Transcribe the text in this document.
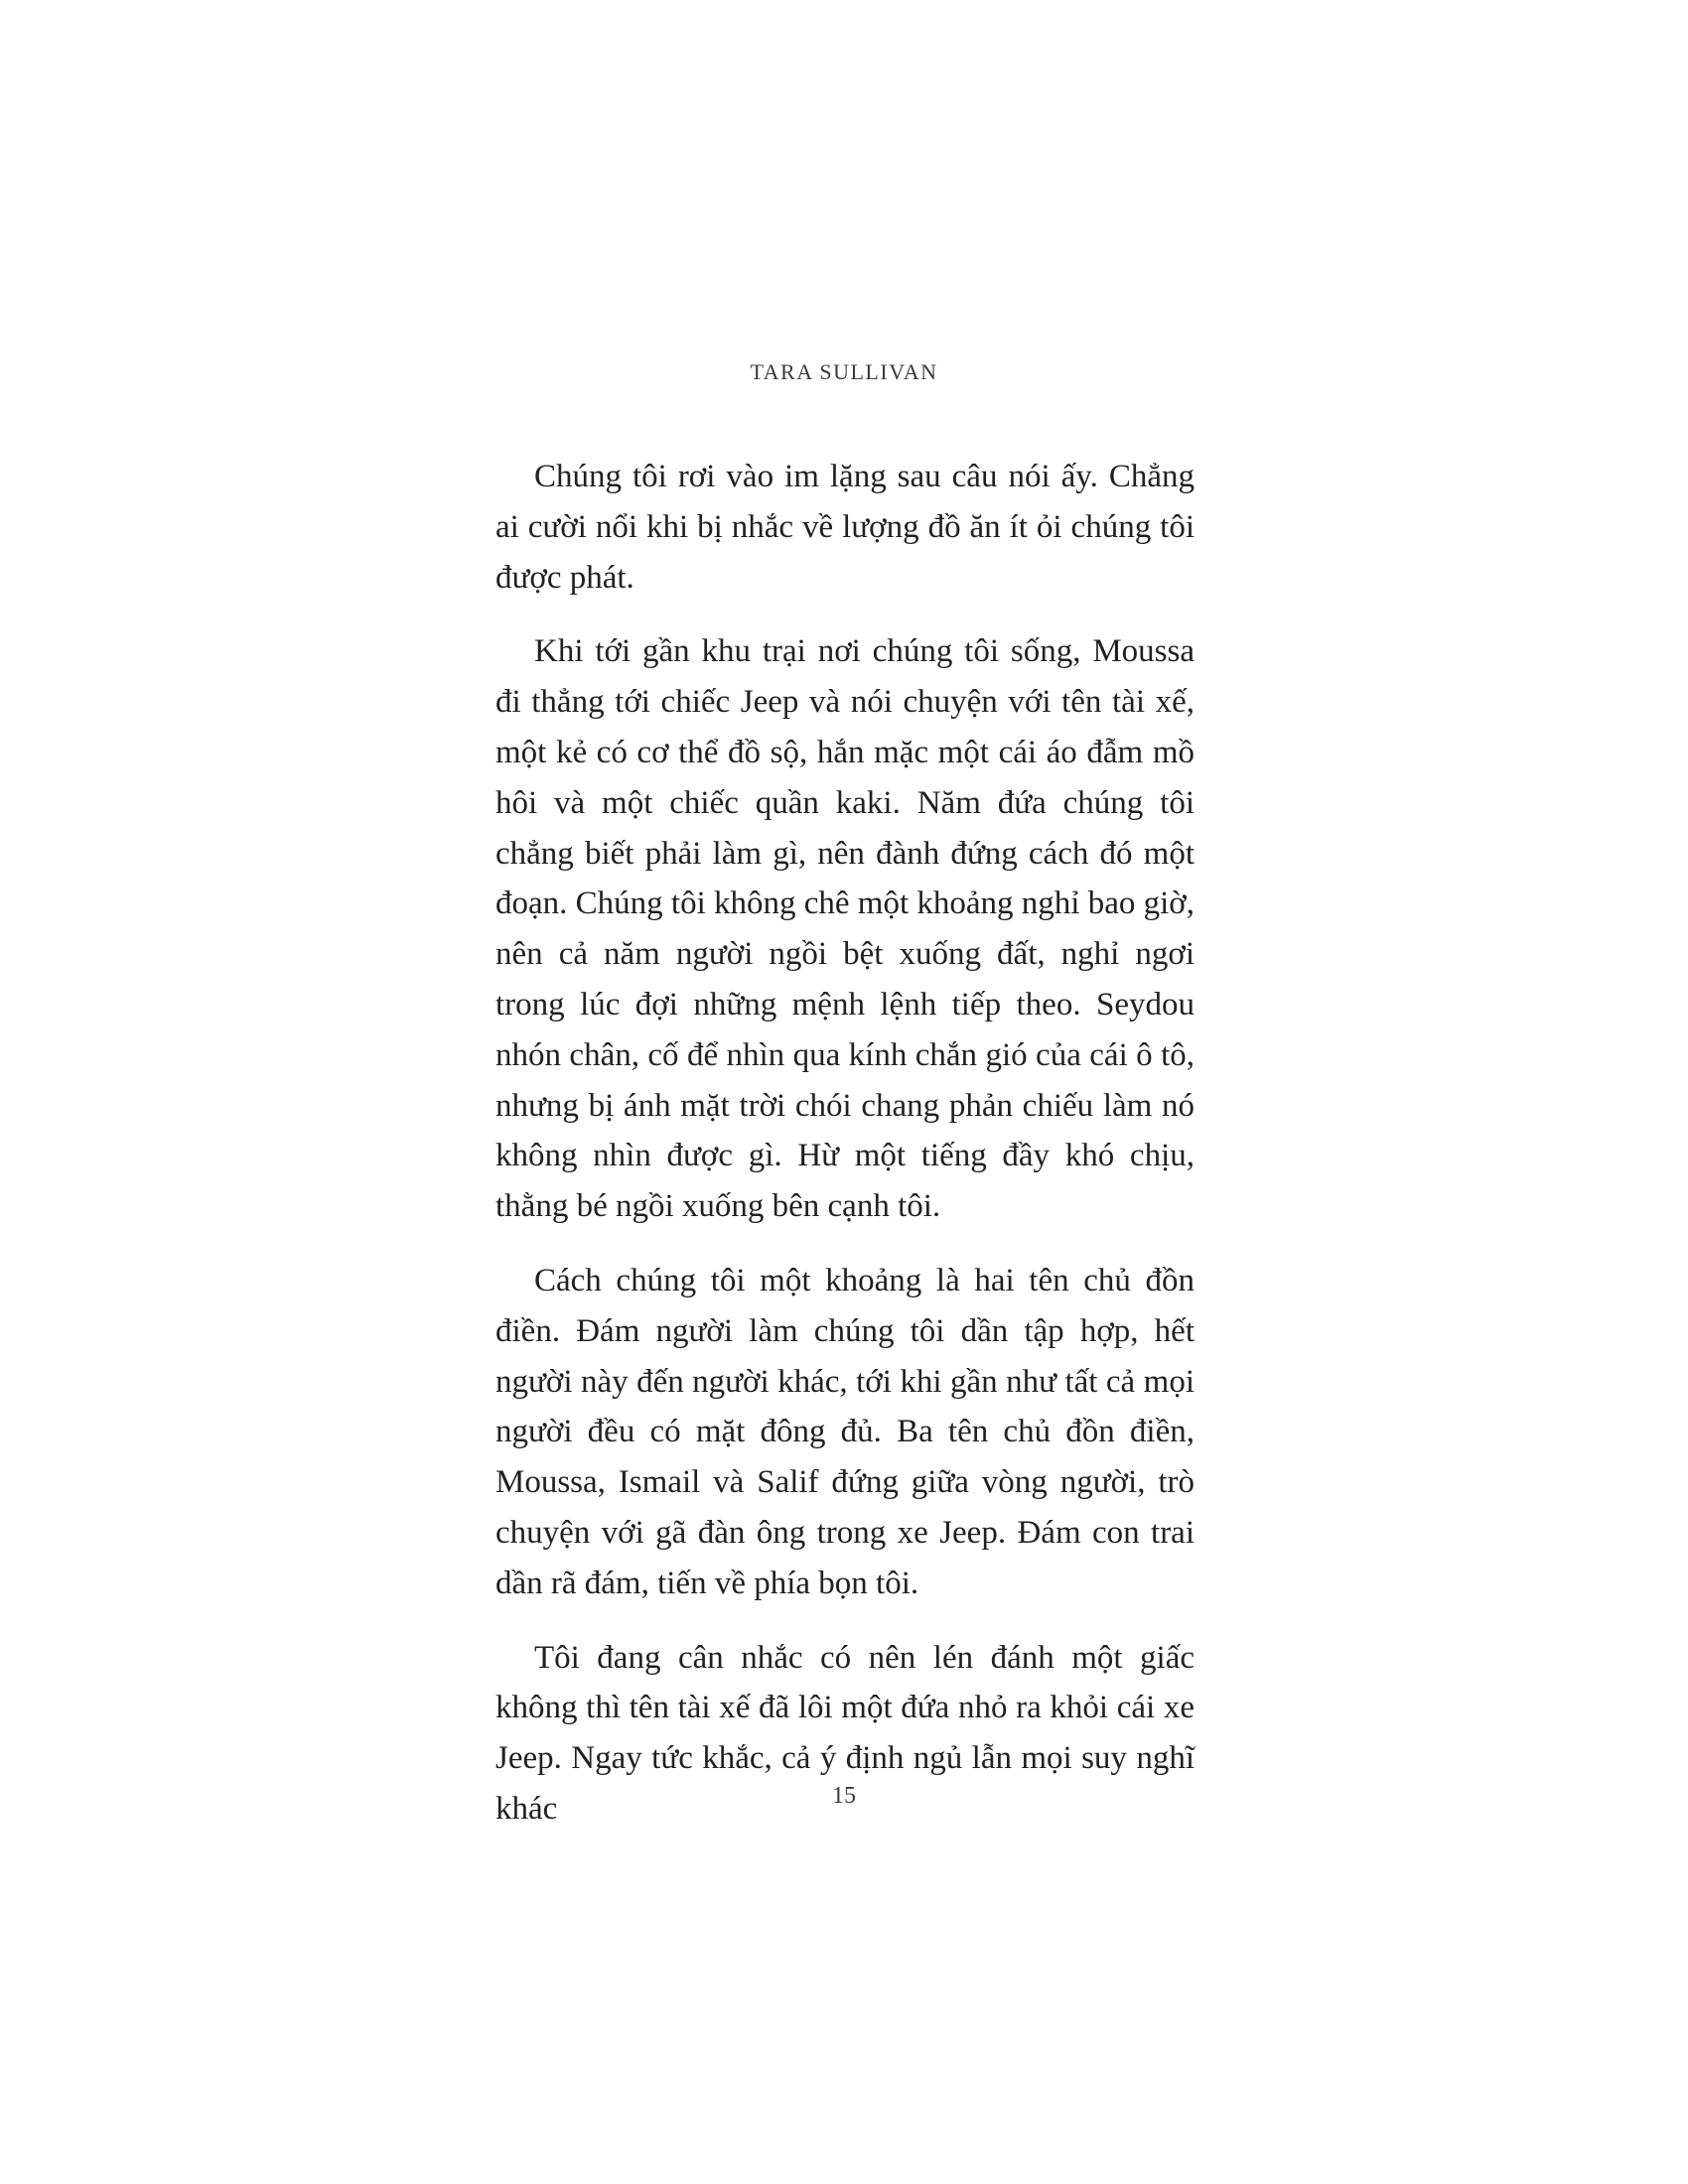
TARA SULLIVAN

Chúng tôi rơi vào im lặng sau câu nói ấy. Chẳng ai cười nổi khi bị nhắc về lượng đồ ăn ít ỏi chúng tôi được phát.

Khi tới gần khu trại nơi chúng tôi sống, Moussa đi thẳng tới chiếc Jeep và nói chuyện với tên tài xế, một kẻ có cơ thể đồ sộ, hắn mặc một cái áo đẫm mồ hôi và một chiếc quần kaki. Năm đứa chúng tôi chẳng biết phải làm gì, nên đành đứng cách đó một đoạn. Chúng tôi không chê một khoảng nghỉ bao giờ, nên cả năm người ngồi bệt xuống đất, nghỉ ngơi trong lúc đợi những mệnh lệnh tiếp theo. Seydou nhón chân, cố để nhìn qua kính chắn gió của cái ô tô, nhưng bị ánh mặt trời chói chang phản chiếu làm nó không nhìn được gì. Hừ một tiếng đầy khó chịu, thằng bé ngồi xuống bên cạnh tôi.

Cách chúng tôi một khoảng là hai tên chủ đồn điền. Đám người làm chúng tôi dần tập hợp, hết người này đến người khác, tới khi gần như tất cả mọi người đều có mặt đông đủ. Ba tên chủ đồn điền, Moussa, Ismail và Salif đứng giữa vòng người, trò chuyện với gã đàn ông trong xe Jeep. Đám con trai dần rã đám, tiến về phía bọn tôi.

Tôi đang cân nhắc có nên lén đánh một giấc không thì tên tài xế đã lôi một đứa nhỏ ra khỏi cái xe Jeep. Ngay tức khắc, cả ý định ngủ lẫn mọi suy nghĩ khác	15
